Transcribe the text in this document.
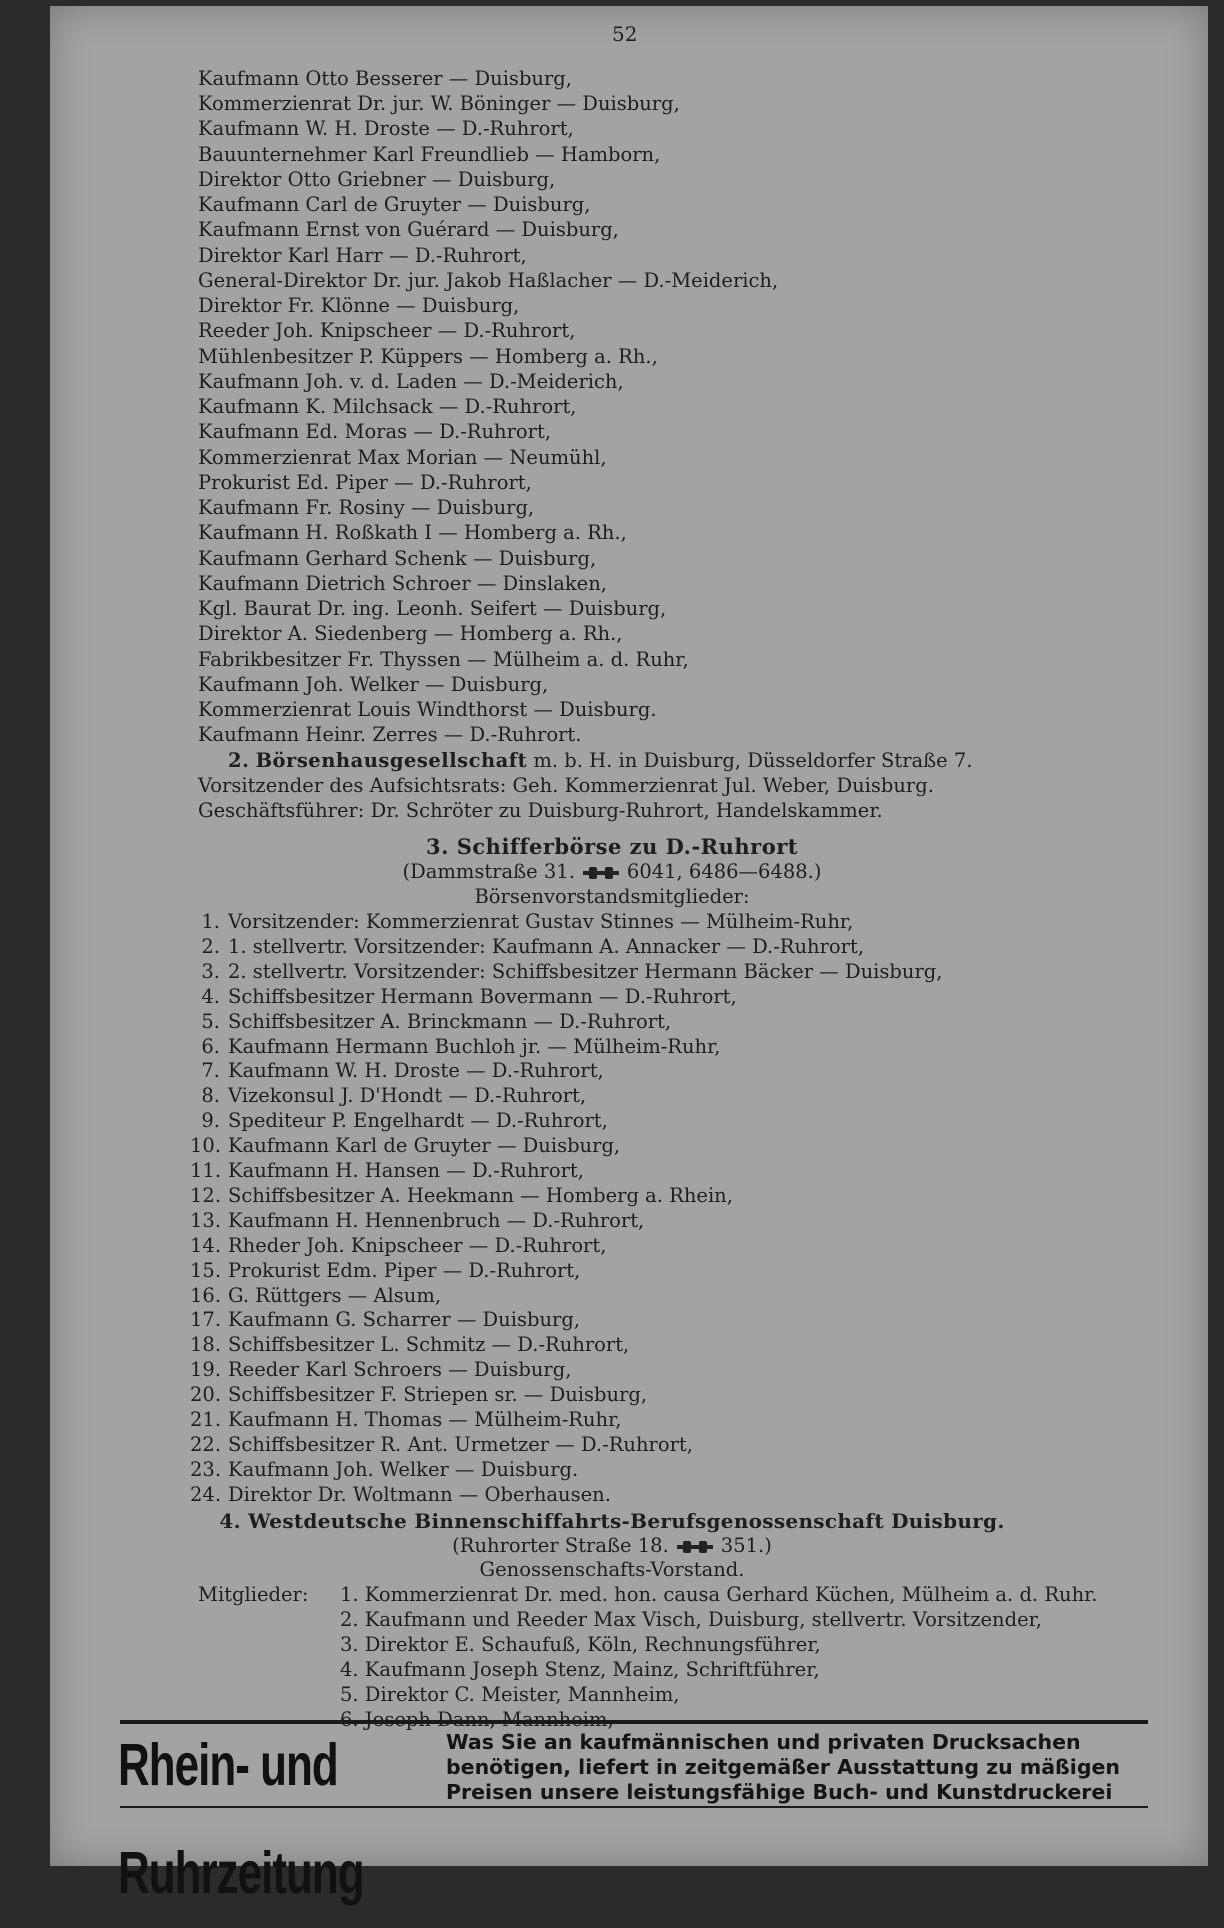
52
Kaufmann Otto Besserer — Duisburg,
Kommerzienrat Dr. jur. W. Böninger — Duisburg,
Kaufmann W. H. Droste — D.-Ruhrort,
Bauunternehmer Karl Freundlieb — Hamborn,
Direktor Otto Griebner — Duisburg,
Kaufmann Carl de Gruyter — Duisburg,
Kaufmann Ernst von Guérard — Duisburg,
Direktor Karl Harr — D.-Ruhrort,
General-Direktor Dr. jur. Jakob Haßlacher — D.-Meiderich,
Direktor Fr. Klönne — Duisburg,
Reeder Joh. Knipscheer — D.-Ruhrort,
Mühlenbesitzer P. Küppers — Homberg a. Rh.,
Kaufmann Joh. v. d. Laden — D.-Meiderich,
Kaufmann K. Milchsack — D.-Ruhrort,
Kaufmann Ed. Moras — D.-Ruhrort,
Kommerzienrat Max Morian — Neumühl,
Prokurist Ed. Piper — D.-Ruhrort,
Kaufmann Fr. Rosiny — Duisburg,
Kaufmann H. Roßkath I — Homberg a. Rh.,
Kaufmann Gerhard Schenk — Duisburg,
Kaufmann Dietrich Schroer — Dinslaken,
Kgl. Baurat Dr. ing. Leonh. Seifert — Duisburg,
Direktor A. Siedenberg — Homberg a. Rh.,
Fabrikbesitzer Fr. Thyssen — Mülheim a. d. Ruhr,
Kaufmann Joh. Welker — Duisburg,
Kommerzienrat Louis Windthorst — Duisburg.
Kaufmann Heinr. Zerres — D.-Ruhrort.
2. Börsenhausgesellschaft m. b. H. in Duisburg, Düsseldorfer Straße 7.
Vorsitzender des Aufsichtsrats: Geh. Kommerzienrat Jul. Weber, Duisburg.
Geschäftsführer: Dr. Schröter zu Duisburg-Ruhrort, Handelskammer.
3. Schifferbörse zu D.-Ruhrort
(Dammstraße 31.	6041, 6486—6488.)
Börsenvorstandsmitglieder:
1. Vorsitzender: Kommerzienrat Gustav Stinnes — Mülheim-Ruhr,
2. 1. stellvertr. Vorsitzender: Kaufmann A. Annacker — D.-Ruhrort,
3. 2. stellvertr. Vorsitzender: Schiffsbesitzer Hermann Bäcker — Duisburg,
4. Schiffsbesitzer Hermann Bovermann — D.-Ruhrort,
5. Schiffsbesitzer A. Brinckmann — D.-Ruhrort,
6. Kaufmann Hermann Buchloh jr. — Mülheim-Ruhr,
7. Kaufmann W. H. Droste — D.-Ruhrort,
8. Vizekonsul J. D'Hondt — D.-Ruhrort,
9. Spediteur P. Engelhardt — D.-Ruhrort,
10. Kaufmann Karl de Gruyter — Duisburg,
11. Kaufmann H. Hansen — D.-Ruhrort,
12. Schiffsbesitzer A. Heekmann — Homberg a. Rhein,
13. Kaufmann H. Hennenbruch — D.-Ruhrort,
14. Rheder Joh. Knipscheer — D.-Ruhrort,
15. Prokurist Edm. Piper — D.-Ruhrort,
16. G. Rüttgers — Alsum,
17. Kaufmann G. Scharrer — Duisburg,
18. Schiffsbesitzer L. Schmitz — D.-Ruhrort,
19. Reeder Karl Schroers — Duisburg,
20. Schiffsbesitzer F. Striepen sr. — Duisburg,
21. Kaufmann H. Thomas — Mülheim-Ruhr,
22. Schiffsbesitzer R. Ant. Urmetzer — D.-Ruhrort,
23. Kaufmann Joh. Welker — Duisburg.
24. Direktor Dr. Woltmann — Oberhausen.
4. Westdeutsche Binnenschiffahrts-Berufsgenossenschaft Duisburg.
(Ruhrorter Straße 18.	351.)
Genossenschafts-Vorstand.
Mitglieder: 1. Kommerzienrat Dr. med. hon. causa Gerhard Küchen, Mülheim a. d. Ruhr.
2. Kaufmann und Reeder Max Visch, Duisburg, stellvertr. Vorsitzender,
3. Direktor E. Schaufuß, Köln, Rechnungsführer,
4. Kaufmann Joseph Stenz, Mainz, Schriftführer,
5. Direktor C. Meister, Mannheim,
6. Joseph Dann, Mannheim,
Rhein- und Ruhrzeitung
Was Sie an kaufmännischen und privaten Drucksachen
benötigen, liefert in zeitgemäßer Ausstattung zu mäßigen
Preisen unsere leistungsfähige Buch- und Kunstdruckerei
